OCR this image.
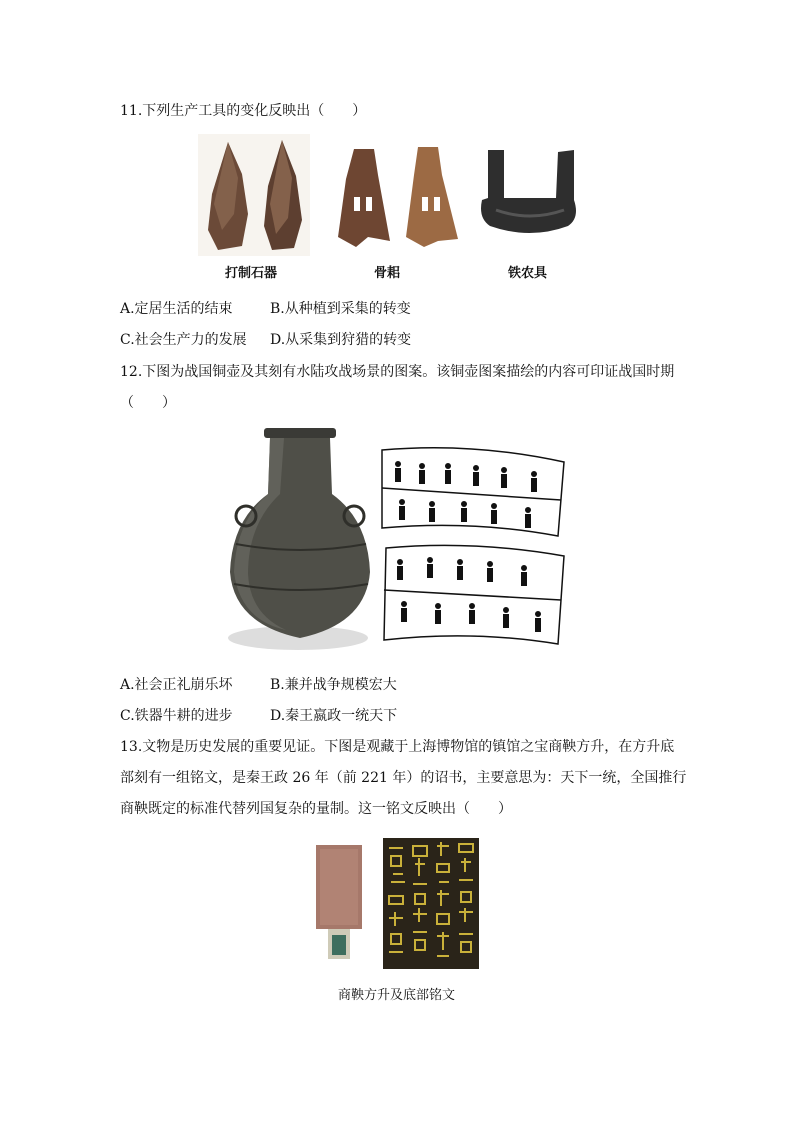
11.下列生产工具的变化反映出（　　）
打制石器	骨耜	铁农具
A.定居生活的结束	B.从种植到采集的转变
C.社会生产力的发展 D.从采集到狩猎的转变
12.下图为战国铜壶及其刻有水陆攻战场景的图案。该铜壶图案描绘的内容可印证战国时期
（　　）
A.社会正礼崩乐坏	B.兼并战争规模宏大
C.铁器牛耕的进步	D.秦王嬴政一统天下
13.文物是历史发展的重要见证。下图是观藏于上海博物馆的镇馆之宝商鞅方升，在方升底
部刻有一组铭文，是秦王政 26 年（前 221 年）的诏书，主要意思为：天下一统，全国推行
商鞅既定的标准代替列国复杂的量制。这一铭文反映出（　　）
商鞅方升及底部铭文
